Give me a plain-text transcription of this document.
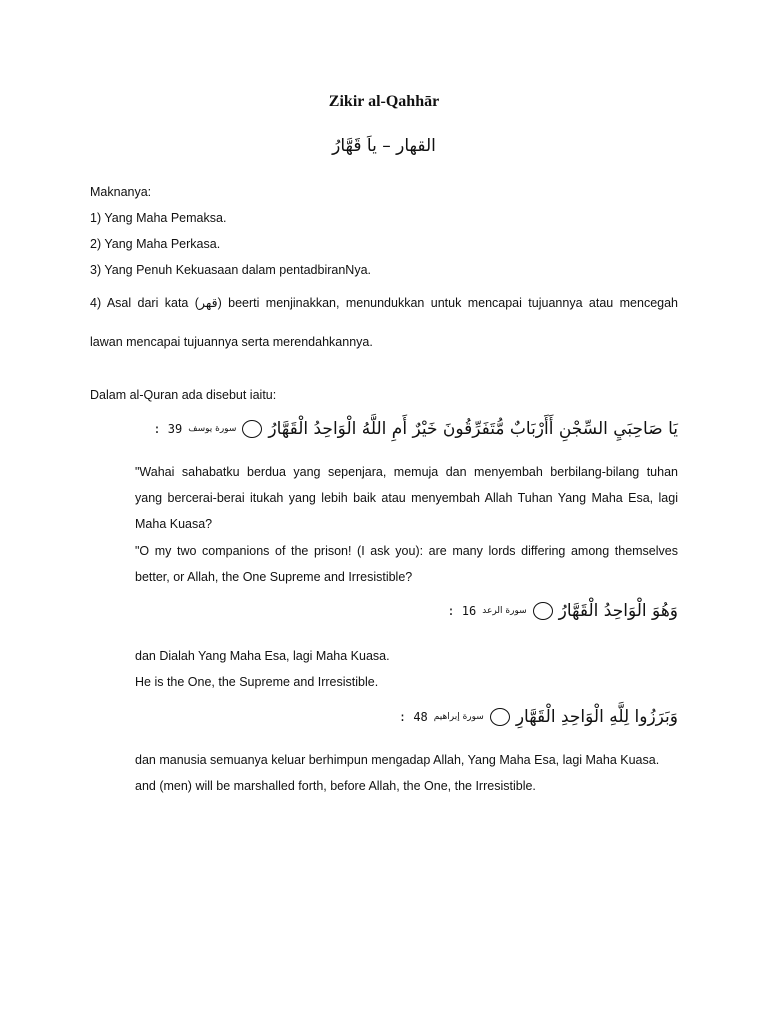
Zikir al-Qahhār
القهار – ياَ قَهَّارُ
Maknanya:
1) Yang Maha Pemaksa.
2) Yang Maha Perkasa.
3) Yang Penuh Kekuasaan dalam pentadbiranNya.
4) Asal dari kata (قهر) beerti menjinakkan, menundukkan untuk mencapai tujuannya atau mencegah
lawan mencapai tujuannya serta merendahkannya.
Dalam al-Quran ada disebut iaitu:
يَا صَاحِبَيِ السِّجْنِ أَأَرْبَابٌ مُّتَفَرِّقُونَ خَيْرٌ أَمِ اللَّهُ الْوَاحِدُ الْقَهَّارُ
سورة يوسف
: 39
"Wahai sahabatku berdua yang sepenjara, memuja dan menyembah berbilang-bilang tuhan
yang bercerai-berai itukah yang lebih baik atau menyembah Allah Tuhan Yang Maha Esa, lagi
Maha Kuasa?
"O my two companions of the prison! (I ask you): are many lords differing among themselves
better, or Allah, the One Supreme and Irresistible?
وَهُوَ الْوَاحِدُ الْقَهَّارُ
سورة الرعد
: 16
dan Dialah Yang Maha Esa, lagi Maha Kuasa.
He is the One, the Supreme and Irresistible.
وَبَرَزُوا لِلَّهِ الْوَاحِدِ الْقَهَّارِ
سورة إبراهيم
: 48
dan manusia semuanya keluar berhimpun mengadap Allah, Yang Maha Esa, lagi Maha Kuasa.
and (men) will be marshalled forth, before Allah, the One, the Irresistible.
